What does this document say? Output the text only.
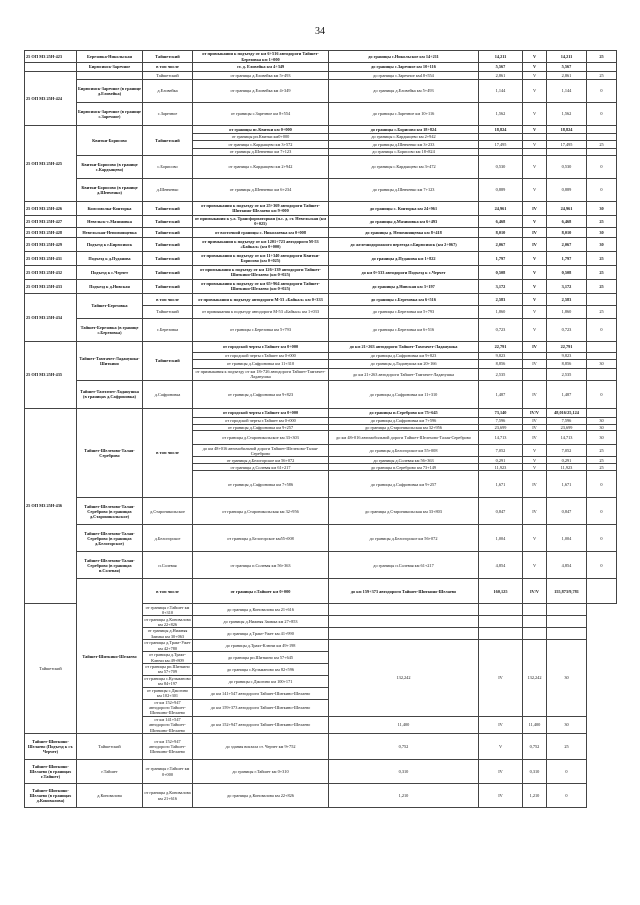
34
25 ОП МЗ 25Н-423	Березовка-Никольская	Тайшетский	от примыкания к подъезду от км 6+516 автодороги Тайшет-Березовка км 1+000	до границы с.Никольское км 14+211	14,211	V	14,211	25
	Бирюсинск-Заречное	в том числе	ст. д. Еловейка км 4+349	до границы с.Заречное км 10+116	5,567	V	5,567	
25 ОП МЗ 25Н-424		Тайшетский	от границы д.Еловейка км 5+493	до границы с.Заречное км18+554	2,861	V	2,861	25
	Бирюсинск-Заречное (в границе д.Еловейка)	д.Еловейка	от границы д.Еловейка км 4+349	до границы д.Еловейка км 5+493	1,144	V	1,144	0
	Бирюсинск-Заречное (в границе с.Заречное)	с.Заречное	от границы с.Заречное км 8+554	до границы с.Заречное км 10+116	1,562	V	1,562	0
25 ОП МЗ 25Н-425	Квитки-Борисово	Тайшетский	от границы пс.Квитки км 0+000	до границы с.Борисово км 18+824	18,824	V	18,824	
			от границы рп.Квитки км0+000	до границы с.Кардыщево км 2+942				
			от границы с.Кардыщево км 3+572	до границы д.Шевченко км 3+233	17,495	V	17,495	25
			от границы д.Шевченко км 7+123	до границы с.Борисово км 18+824				
	Квитки-Борисово (в границе с.Кардыщево)	с.Борисово	от границы с.Кардыщево км 2+942	до границы с.Кардыщево км 3+472	0,530	V	0,530	0
	Квитки-Борисово (в границе д.Шевченко)	д.Шевченко	от границы д.Шевченко км 6+234	до границы д.Шевченко км 7+123	0,889	V	0,889	0
25 ОП МЗ 25Н-426	Комсомолка-Конторка	Тайшетский	от примыкания к подъезду от км 25+369 автодороги Тайшет-Шиткино-Шелаево км 9+000	до границы с. Конторка км 24+961	24,961	IV	24,961	30
25 ОП МЗ 25Н-427	Невельск-с.Мазиновка	Тайшетский	от примыкания к у.л. Трансформаторная (п.с. д. ст. Невельская (км 0+025)	до границы д.Мазиновка км 6+493	6,468	V	6,468	25
25 ОП МЗ 25Н-428	Невельская-Непомнящевка	Тайшетский	от восточной границы с. Николаевка км 0+008	до границы д. Непомнящевка км 8+418	8,010	IV	8,010	30
25 ОП МЗ 25Н-429	Подъезд к г.Бирюсинск	Тайшетский	от примыкания к подъезду от км 1201+723 автодороги М-53 «Байкал» (км 0+000)	до железнодорожного переезда г.Бирюсинск (км 2+067)	2,067	IV	2,067	30
25 ОП МЗ 25Н-431	Подъезд к д.Пуданова	Тайшетский	от примыкания к подъезду от км 11+340 автодороги Квитки-Борисово (км 0+025)	до границы д.Пуданова км 1+822	1,797	V	1,797	25
25 ОП МЗ 25Н-432	Подъезд к с.Черчет	Тайшетский	от примыкания к подъезду от км 126+139 автодороги Тайшет-Шиткино-Шелаево (км 0+025)	до км 0+533 автодороги Подъезд к с.Черчет	0,508	V	0,508	25
25 ОП МЗ 25Н-433	Подъезд к д.Нивская	Тайшетский	от примыкания к подъезду от км 65+964 автодороги Тайшет-Шиткино-Шелаево (км 0+025)	до границы д.Нивская км 3+197	3,172	V	3,172	25
25 ОП МЗ 25Н-434	Тайшет-Березовка	в том числе	от примыкания к подъезду автодороги М-53 «Байкал» км 0+333	до границы с.Березовка км 6+516	2,583	V	2,583	
		Тайшетский	от примыкания к подъезду автодороги М-53 «Байкал» км 1+033	до границы с.Березовка км 5+793	1,860	V	1,860	25
	Тайшет-Березовка (в границе с.Березовка)	с.Березовка	от границы с.Березовка км 5+793	до границы с.Березовка км 6+516	0,723	V	0,723	0
25 ОП МЗ 25Н-435	Тайшет-Тамтачет-Ладанушка-Шиткино	Тайшетский	от городской черты г.Тайшет км 0+000	до км 21+263 автодороги Тайшет-Тамтачет-Ладанушка	22,791	IV	22,791	
			от городской черты г.Тайшет км 0+000	до границы д.Сафроновка км 9+823	9,823		9,823	
			от границы д.Сафроновка км 11+310	до границы д.Ладанушка км 20+166	8,856	IV	8,856	30
			от примыкания к подъезду от км 18+726 автодороги Тайшет-Тамтачет-Ладанушка	до км 21+263 автодороги Тайшет-Тамтачет-Ладанушка	2,535		2,535	
	Тайшет-Тамтачет-Ладанушка (в границах д.Сафроновка)	д.Сафроновка	от границы д.Сафроновка км 9+823	до границы д.Сафроновка км 11+310	1,487	IV	1,487	0
25 ОП МЗ 25Н-436	Тайшет-Шелехово-Талая-Сереброво	в том числе	от городской черты г.Тайшет км 0+000	до границы п.Сереброво км 75+645	73,140	IV/V	48,016/25,124	
			от городской черты г.Тайшет км 0+000	до границы д.Сафроновка км 7+596	7,596	IV	7,596	30
			от границы д.Сафроновка км 9+257	до границы д.Староникольская км 32+956	23,699	IV	23,699	30
			от границы д.Староникольское км 33+303	до км 48+016 автомобильной дороги Тайшет-Шелехово-Талая-Сереброво	14,713	IV	14,713	30
			до км 48+016 автомобильной дороги Тайшет-Шелехово-Талая-Сереброво	до границы д.Белогорское км 55+008	7,052	V	7,052	25
			от границы д.Белогорское км 56+072	до границы д.Солевая км 56+363	0,291	V	0,291	25
			от границы д.Солевая км 61+217	до границы п.Сереброво км 73+149	11,923	V	11,923	25
			от границы д.Сафроновка км 7+586	до границы д.Сафроновка км 9+257	1,671	IV	1,671	0
	Тайшет-Шелехово-Талая-Сереброво (в границах д.Староникольское)	д.Староникольское	от границы д.Староникольская км 32+956	до границы д.Староникольская км 33+803	0,847	IV	0,847	0
	Тайшет-Шелехово-Талая-Сереброво (в границах д.Белогорское)	д.Белогорское	от границы д.Белогорское км55+008	до границы д.Белогорское км 56+072	1,004	V	1,004	0
	Тайшет-Шелехово-Талая-Сереброво (в границах п.Солевая)	п.Солевая	от границы п.Солевая км 56+363	до границы п.Солевая км 61+217	4,854	V	4,854	0
	Тайшет-Шиткино-Шелаево	в том числе	от границы г.Тайшет км 0+000	до км 159+373 автодороги Тайшет-Шиткино-Шелаево	160,125	IV/V	155,873/9,781	
Тайшетский		от границы г.Тайшет км 0+310	до границы д.Коновалова км 21+616					
		от границы д.Коновалова км 22+826	до границы д.Нижняя Заимка км 27+853					
		от границы д.Нижняя Заимка км 30+063	до границы д.Тракт-Ужет км 41+990					
		от границы д.Тракт-Ужет км 42+780	до границы д.Тракт-Ключи км 49+198	132,242	IV	132,242	30	
		от границы д.Тракт-Ключи км 49+809	до границы рп.Шиткино км 57+645					
		от границы рп.Шиткино км 57+709	до границы с.Кульманово км 82+596					
		от границы с.Кульманово км 84+197	до границы с.Джогино км 100+171					
		от границы с.Джогино км 102+301	до км 141+547 автодороги Тайшет-Шиткино-Шелаево					
		от км 152+947 автодороги Тайшет-Шиткино-Шелаево	до км 159+373 автодороги Тайшет-Шиткино-Шелаево					
		от км 141+547 автодороги Тайшет-Шиткино-Шелаево	до км 152+947 автодороги Тайшет-Шиткино-Шелаево	11,400	IV	11,400	30	
Тайшет-Шиткино-Шелаево (Подъезд к ст. Черчет)	Тайшетский	от км 152+947 автодороги Тайшет-Шиткино-Шелаево	до здания вокзала ст. Черчет км 9+752	0,752	V	0,752	25	
Тайшет-Шиткино-Шелаево (в границах г.Тайшет)	г.Тайшет	от границы г.Тайшет км 0+000	до границы г.Тайшет км 0+310	0,310	IV	0,310	0	
Тайшет-Шиткино-Шелаево (в границах д.Коновалова)	д.Коновалова	от границы д.Коновалова км 21+616	до границы д.Коновалова км 22+826	1,210	IV	1,210	0	
